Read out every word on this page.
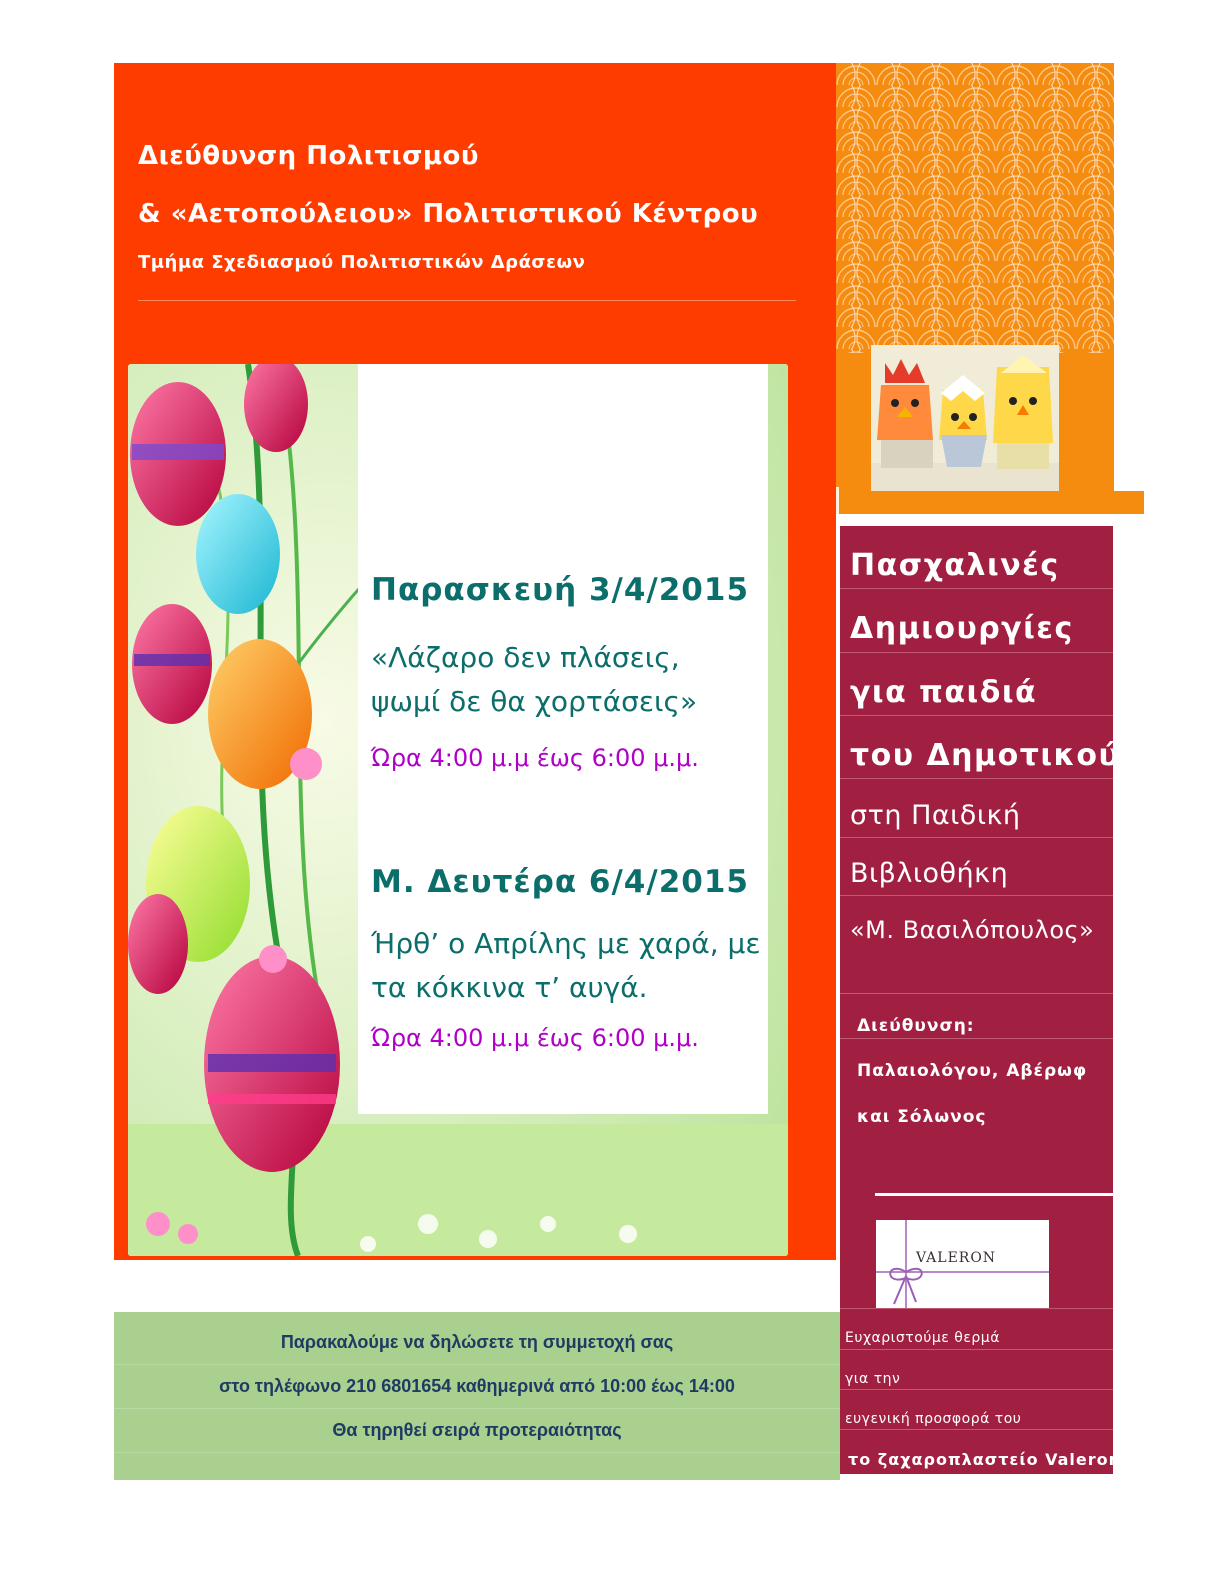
Διεύθυνση Πολιτισμού
& «Αετοπούλειου» Πολιτιστικού Κέντρου
Τμήμα Σχεδιασμού Πολιτιστικών Δράσεων
Παρασκευή 3/4/2015
«Λάζαρο δεν πλάσεις,
ψωμί δε θα χορτάσεις»
Ώρα 4:00 μ.μ έως 6:00 μ.μ.
Μ. Δευτέρα 6/4/2015
Ήρθ’ ο Απρίλης με χαρά, με
τα κόκκινα τ’ αυγά.
Ώρα 4:00 μ.μ έως 6:00 μ.μ.
Πασχαλινές
Δημιουργίες
για παιδιά
του Δημοτικού
στη Παιδική
Βιβλιοθήκη
«Μ. Βασιλόπουλος»
Διεύθυνση:
Παλαιολόγου, Αβέρωφ
και Σόλωνος
VALERON
Ευχαριστούμε θερμά
για την
ευγενική προσφορά του
το ζαχαροπλαστείο Valeron
Παρακαλούμε να δηλώσετε τη συμμετοχή σας
στο τηλέφωνο 210 6801654 καθημερινά από 10:00 έως 14:00
Θα τηρηθεί σειρά προτεραιότητας
